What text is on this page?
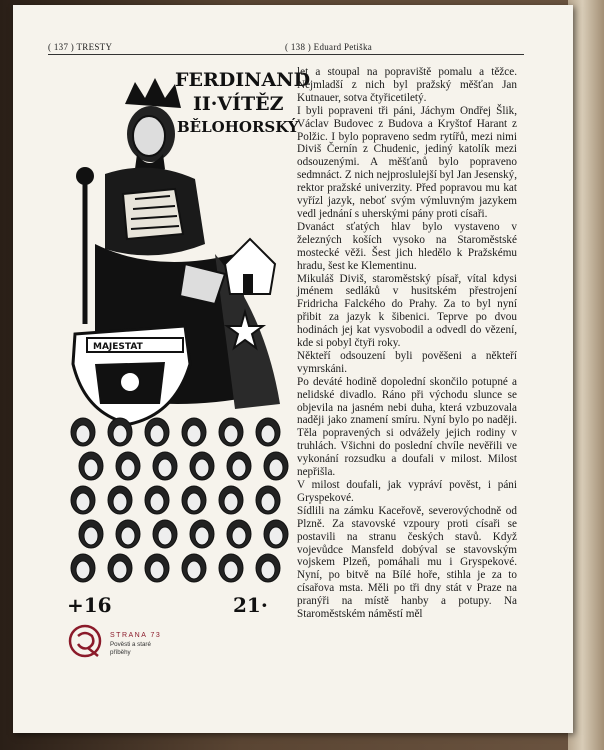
( 137 ) TRESTY	( 138 ) Eduard Petiška
FERDINAND
II·VÍTĚZ
BĚLOHORSKÝ
MAJESTAT
+16	21·

let a stoupal na popraviště pomalu a těžce. Nejmladší z nich byl pražský měšťan Jan Kutnauer, sotva čtyřicetiletý.

I byli popraveni tři páni, Jáchym Ondřej Šlik, Václav Budovec z Budova a Kryštof Harant z Polžic. I bylo popraveno sedm rytířů, mezi nimi Diviš Černín z Chudenic, jediný katolík mezi odsouzenými. A měšťanů bylo popraveno sedmnáct. Z nich nejproslulejší byl Jan Jesenský, rektor pražské univerzity. Před popravou mu kat vyřízl jazyk, neboť svým výmluvným jazykem vedl jednání s uherskými pány proti císaři.

Dvanáct sťatých hlav bylo vystaveno v železných koších vysoko na Staroměstské mostecké věži. Šest jich hledělo k Pražskému hradu, šest ke Klementinu.

Mikuláš Diviš, staroměstský písař, vítal kdysi jménem sedláků v husitském přestrojení Fridricha Falckého do Prahy. Za to byl nyní přibit za jazyk k šibenici. Teprve po dvou hodinách jej kat vysvobodil a odvedl do vězení, kde si pobyl čtyři roky.

Někteří odsouzení byli pověšeni a někteří vymrskáni.

Po deváté hodině dopolední skončilo potupné a nelidské divadlo. Ráno při východu slunce se objevila na jasném nebi duha, která vzbuzovala naději jako znamení smíru. Nyní bylo po naději. Těla popravených si odvážely jejich rodiny v truhlách. Všichni do poslední chvíle nevěřili ve vykonání rozsudku a doufali v milost. Milost nepřišla.

V milost doufali, jak vypráví pověst, i páni Gryspekové.

Sídlili na zámku Kaceřově, severovýchodně od Plzně. Za stavovské vzpoury proti císaři se postavili na stranu českých stavů. Když vojevůdce Mansfeld dobýval se stavovským vojskem Plzeň, pomáhali mu i Gryspekové. Nyní, po bitvě na Bílé hoře, stihla je za to císařova msta. Měli po tři dny stát v Praze na pranýři na místě hanby a potupy. Na Staroměstském náměstí měl

STRANA 73
Pověsti a staré
příběhy
